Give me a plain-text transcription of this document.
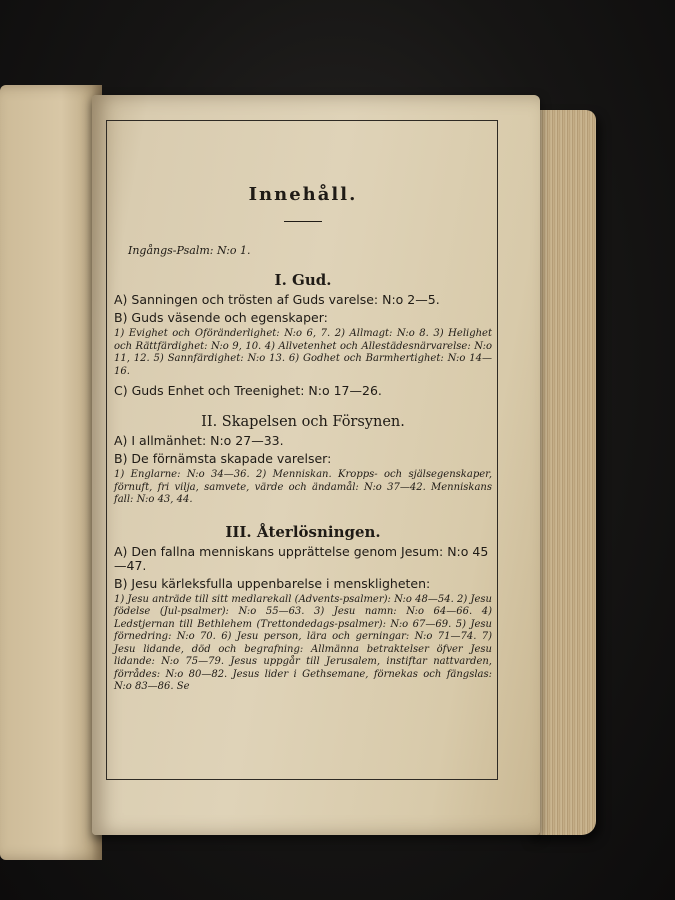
Innehåll.
Ingångs-Psalm: N:o 1.
I. Gud.
A) Sanningen och trösten af Guds varelse: N:o 2—5.
B) Guds väsende och egenskaper:
1) Evighet och Oföränderlighet: N:o 6, 7. 2) Allmagt: N:o 8. 3) Helighet och Rättfärdighet: N:o 9, 10. 4) Allvetenhet och Allestädesnärvarelse: N:o 11, 12. 5) Sannfärdighet: N:o 13. 6) Godhet och Barmhertighet: N:o 14—16.
C) Guds Enhet och Treenighet: N:o 17—26.
II. Skapelsen och Försynen.
A) I allmänhet: N:o 27—33.
B) De förnämsta skapade varelser:
1) Englarne: N:o 34—36. 2) Menniskan. Kropps- och själsegenskaper, förnuft, fri vilja, samvete, värde och ändamål: N:o 37—42. Menniskans fall: N:o 43, 44.
III. Återlösningen.
A) Den fallna menniskans upprättelse genom Jesum: N:o 45—47.
B) Jesu kärleksfulla uppenbarelse i menskligheten:
1) Jesu anträde till sitt medlarekall (Advents-psalmer): N:o 48—54. 2) Jesu födelse (Jul-psalmer): N:o 55—63. 3) Jesu namn: N:o 64—66. 4) Ledstjernan till Bethlehem (Trettondedags-psalmer): N:o 67—69. 5) Jesu förnedring: N:o 70. 6) Jesu person, lära och gerningar: N:o 71—74. 7) Jesu lidande, död och begrafning: Allmänna betraktelser öfver Jesu lidande: N:o 75—79. Jesus uppgår till Jerusalem, instiftar nattvarden, förrådes: N:o 80—82. Jesus lider i Gethsemane, förnekas och fängslas: N:o 83—86. Se
